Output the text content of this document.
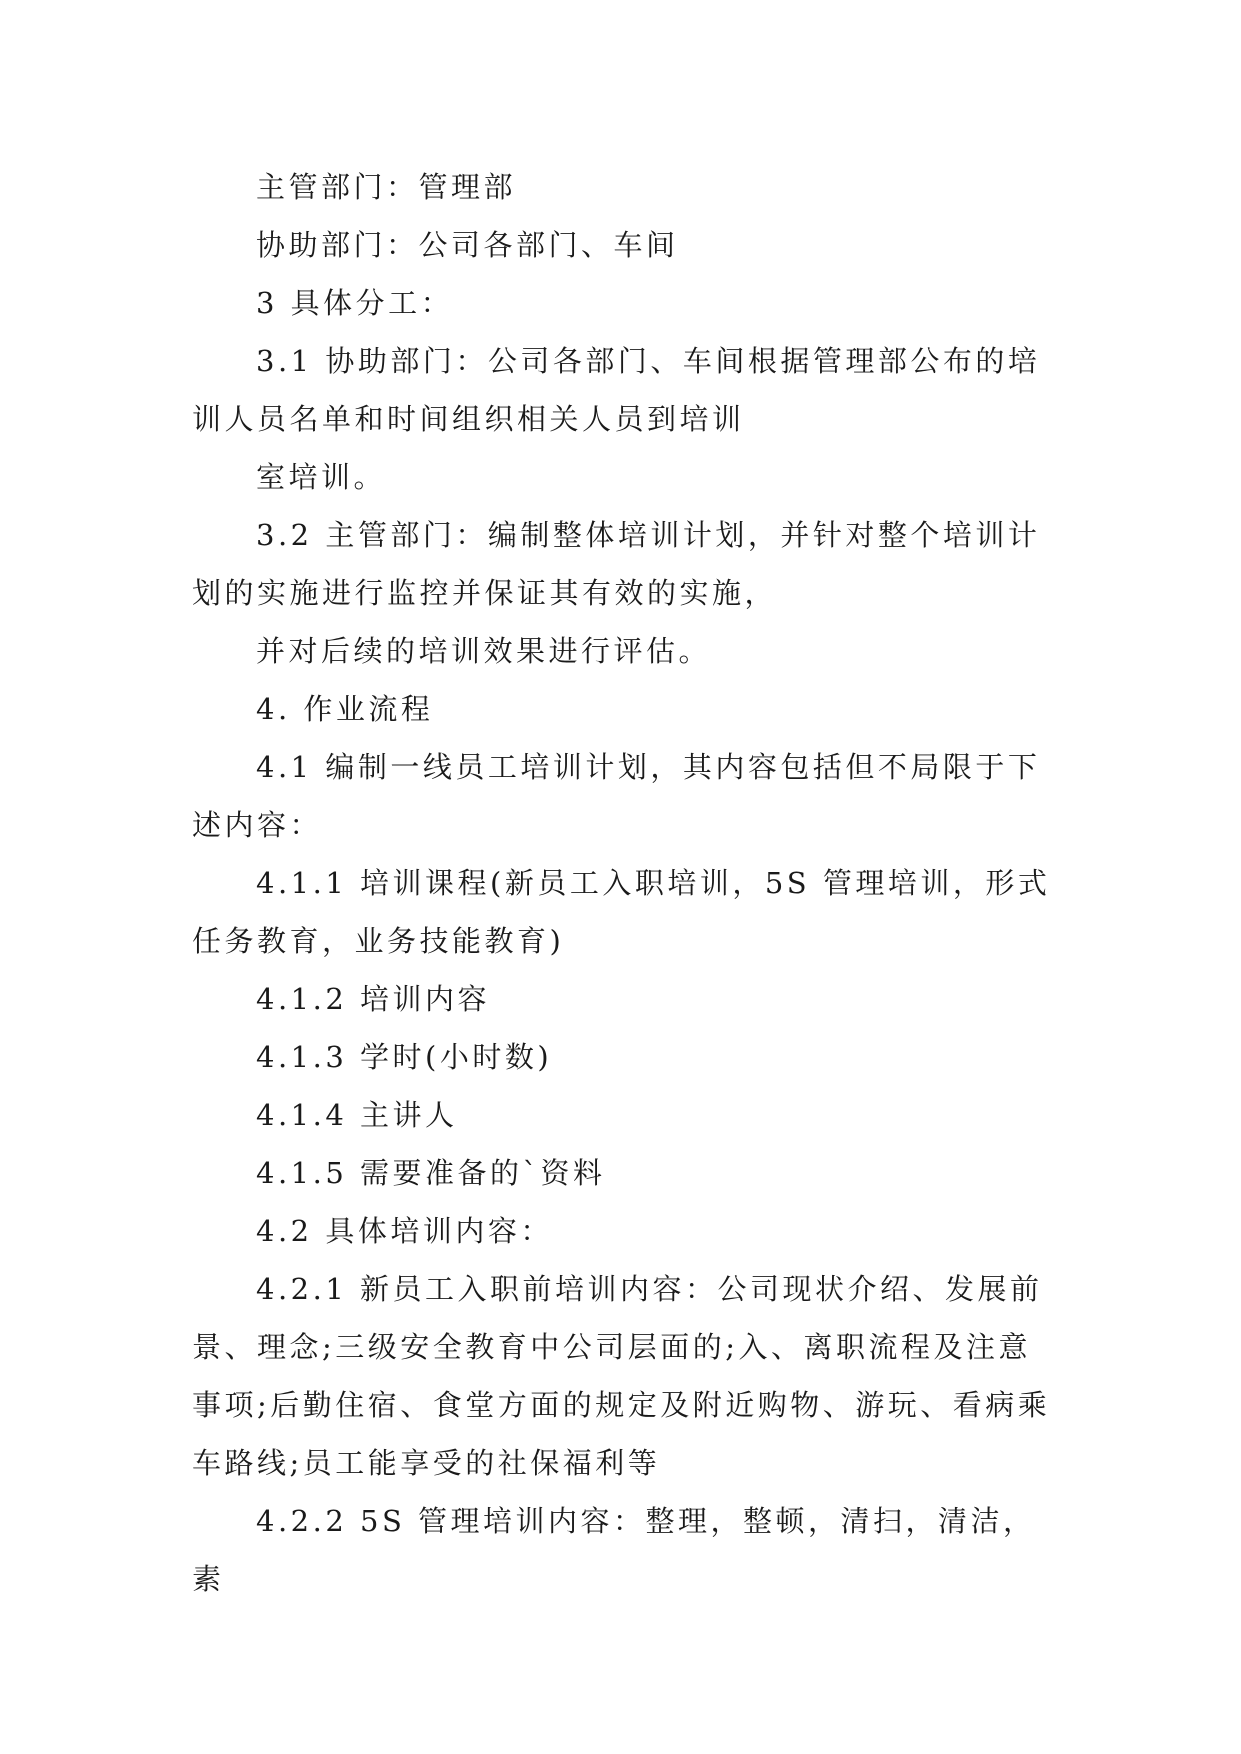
主管部门：管理部

协助部门：公司各部门、车间

3 具体分工：

3.1 协助部门：公司各部门、车间根据管理部公布的培训人员名单和时间组织相关人员到培训

室培训。

3.2 主管部门：编制整体培训计划，并针对整个培训计划的实施进行监控并保证其有效的实施，

并对后续的培训效果进行评估。

4. 作业流程

4.1 编制一线员工培训计划，其内容包括但不局限于下述内容：

4.1.1 培训课程(新员工入职培训，5S 管理培训，形式任务教育，业务技能教育)

4.1.2 培训内容

4.1.3 学时(小时数)

4.1.4 主讲人

4.1.5 需要准备的`资料

4.2 具体培训内容：

4.2.1 新员工入职前培训内容：公司现状介绍、发展前景、理念;三级安全教育中公司层面的;入、离职流程及注意事项;后勤住宿、食堂方面的规定及附近购物、游玩、看病乘车路线;员工能享受的社保福利等

4.2.2 5S 管理培训内容：整理，整顿，清扫，清洁，素
